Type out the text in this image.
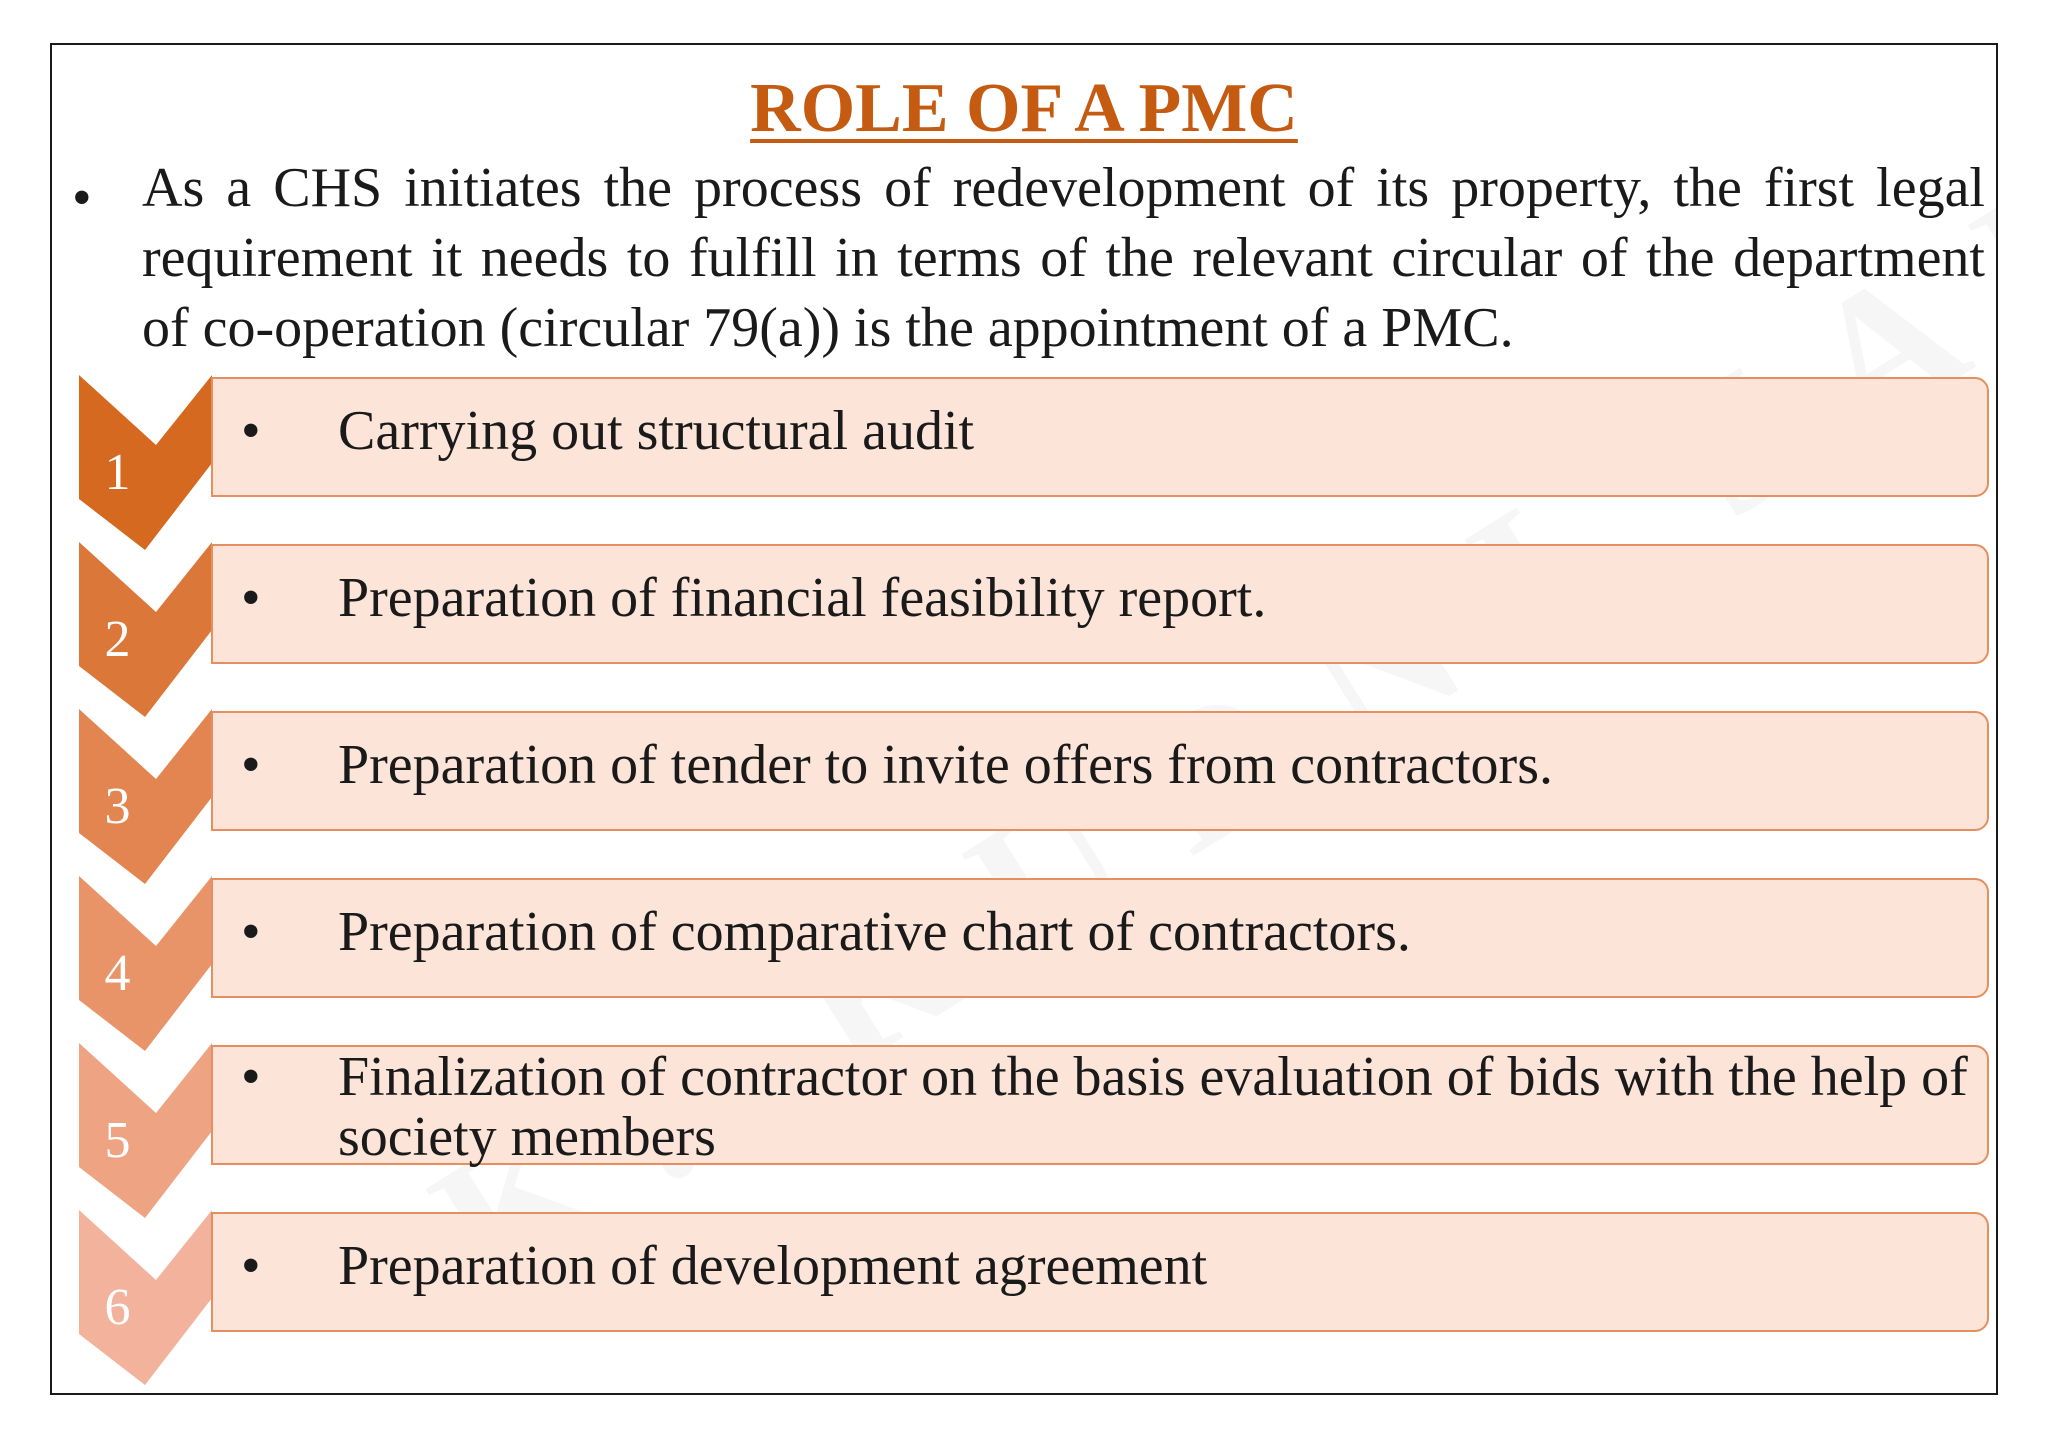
ROLE OF A PMC
• As a CHS initiates the process of redevelopment of its property, the first legal requirement it needs to fulfill in terms of the relevant circular of the department of co-operation (circular 79(a)) is the appointment of a PMC.
1
• Carrying out structural audit
2
• Preparation of financial feasibility report.
3
• Preparation of tender to invite offers from contractors.
4
• Preparation of comparative chart of contractors.
5
• Finalization of contractor on the basis evaluation of bids with the help of society members
6
• Preparation of development agreement
